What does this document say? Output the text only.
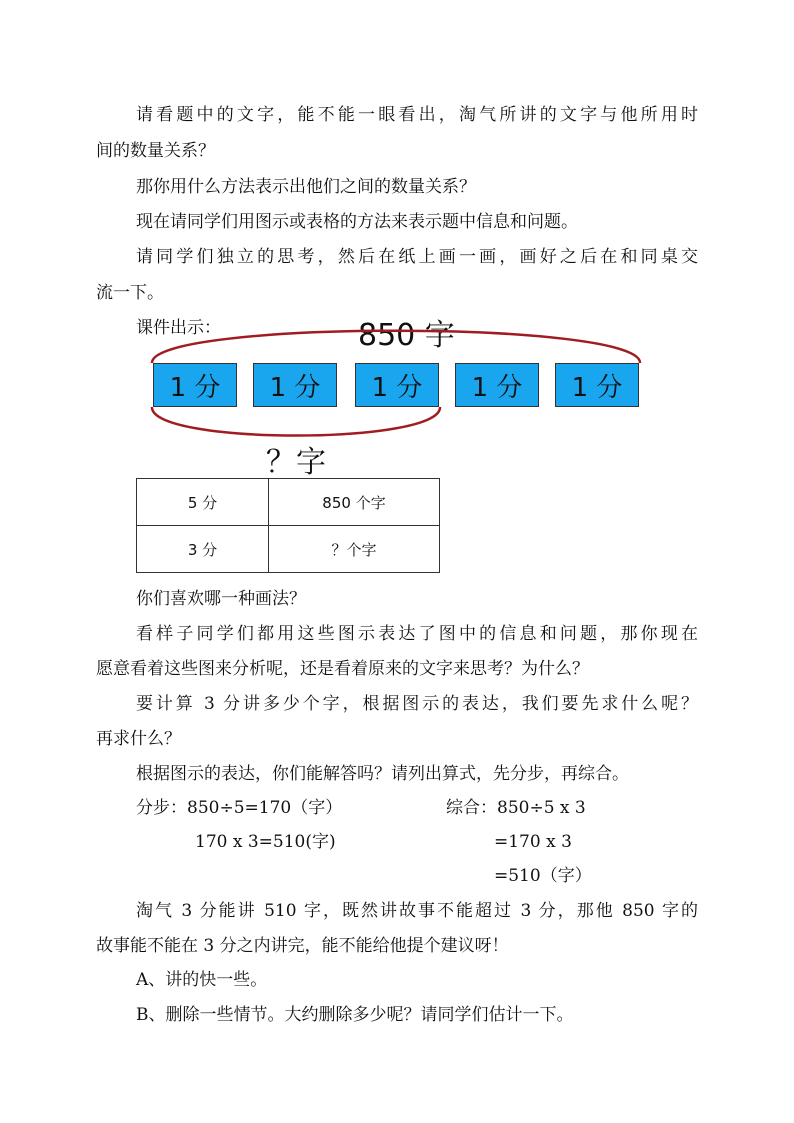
请看题中的文字，能不能一眼看出，淘气所讲的文字与他所用时
间的数量关系？
那你用什么方法表示出他们之间的数量关系？
现在请同学们用图示或表格的方法来表示题中信息和问题。
请同学们独立的思考，然后在纸上画一画，画好之后在和同桌交
流一下。
课件出示：	850 字
1 分	1 分	1 分	1 分	1 分
？字
5 分	850 个字
3 分	？个字
你们喜欢哪一种画法？
看样子同学们都用这些图示表达了图中的信息和问题，那你现在
愿意看着这些图来分析呢，还是看着原来的文字来思考？为什么？
要计算 3 分讲多少个字，根据图示的表达，我们要先求什么呢？
再求什么？
根据图示的表达，你们能解答吗？请列出算式，先分步，再综合。
分步：850÷5=170（字）
170 x 3=510(字)
综合：850÷5 x 3
=170 x 3
=510（字）
淘气 3 分能讲 510 字，既然讲故事不能超过 3 分，那他 850 字的
故事能不能在 3 分之内讲完，能不能给他提个建议呀！
A、讲的快一些。
B、删除一些情节。大约删除多少呢？请同学们估计一下。
